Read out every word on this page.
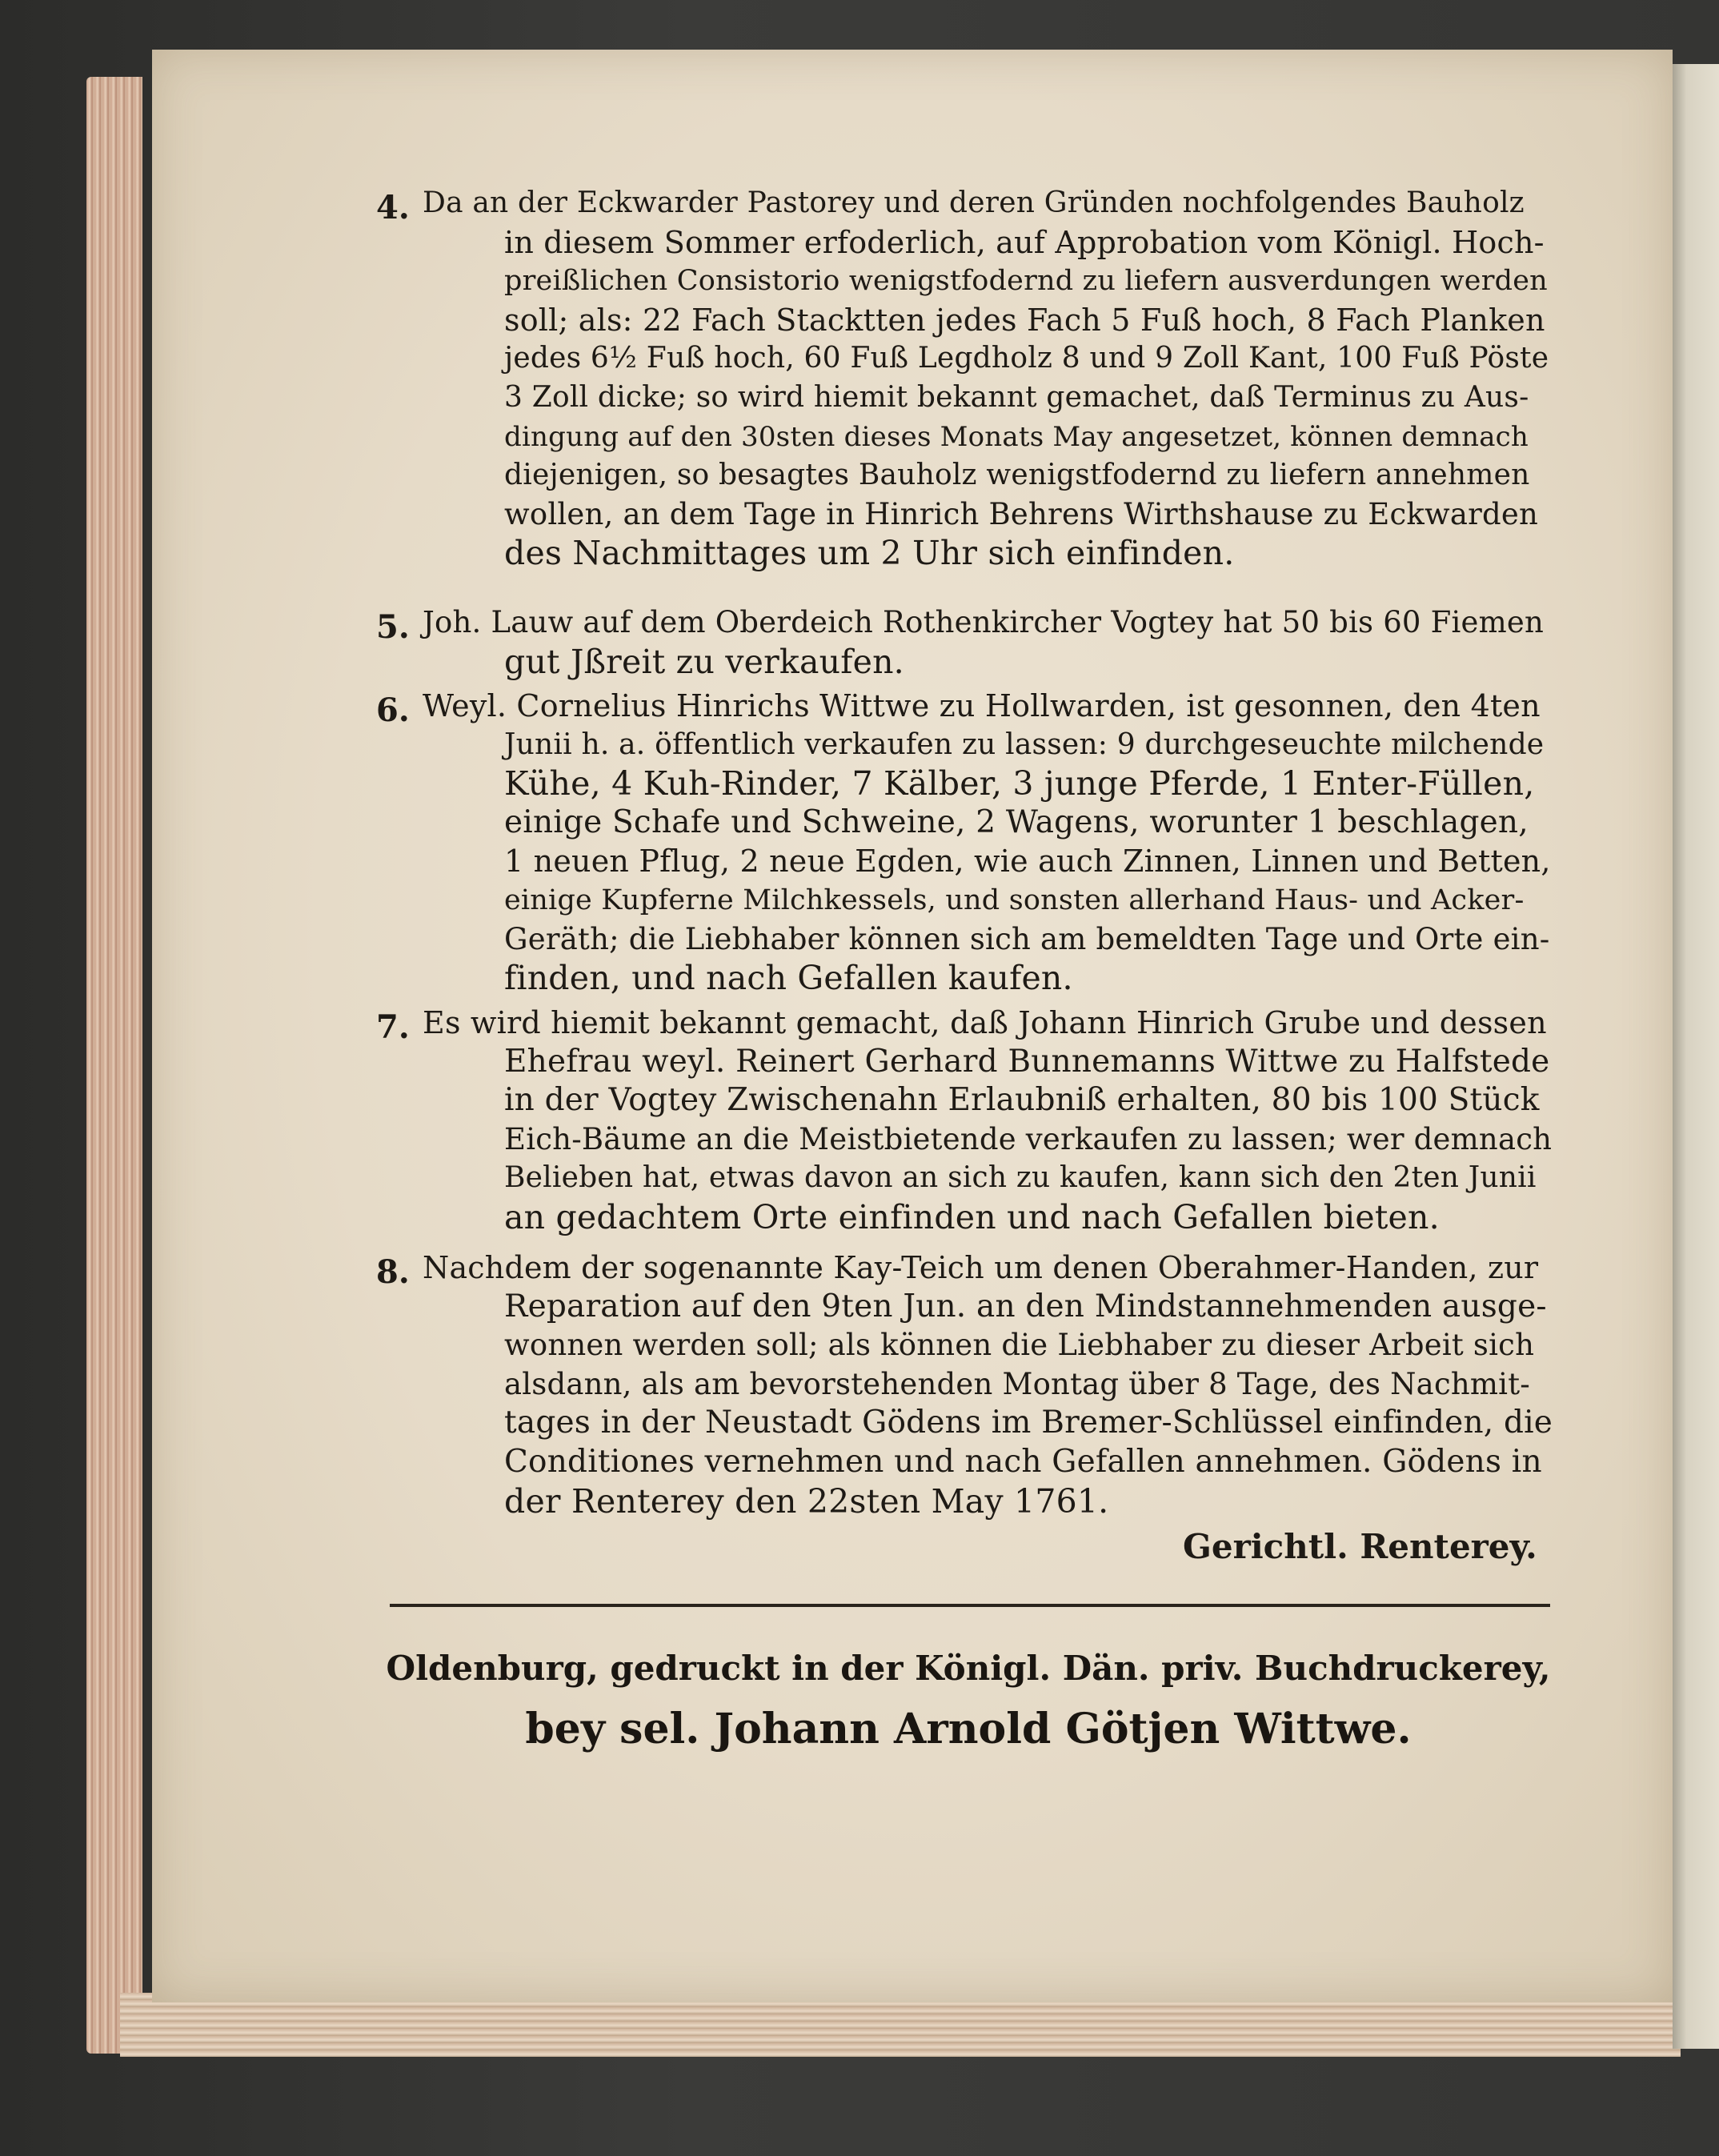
4. Da an der Eckwarder Pastorey und deren Gründen nochfolgendes Bauholz
in diesem Sommer erfoderlich, auf Approbation vom Königl. Hoch-
preißlichen Consistorio wenigstfodernd zu liefern ausverdungen werden
soll; als: 22 Fach Stacktten jedes Fach 5 Fuß hoch, 8 Fach Planken
jedes 6½ Fuß hoch, 60 Fuß Legdholz 8 und 9 Zoll Kant, 100 Fuß Pöste
3 Zoll dicke; so wird hiemit bekannt gemachet, daß Terminus zu Aus-
dingung auf den 30sten dieses Monats May angesetzet, können demnach
diejenigen, so besagtes Bauholz wenigstfodernd zu liefern annehmen
wollen, an dem Tage in Hinrich Behrens Wirthshause zu Eckwarden
des Nachmittages um 2 Uhr sich einfinden.
5. Joh. Lauw auf dem Oberdeich Rothenkircher Vogtey hat 50 bis 60 Fiemen
gut Jßreit zu verkaufen.
6. Weyl. Cornelius Hinrichs Wittwe zu Hollwarden, ist gesonnen, den 4ten
Junii h. a. öffentlich verkaufen zu lassen: 9 durchgeseuchte milchende
Kühe, 4 Kuh-Rinder, 7 Kälber, 3 junge Pferde, 1 Enter-Füllen,
einige Schafe und Schweine, 2 Wagens, worunter 1 beschlagen,
1 neuen Pflug, 2 neue Egden, wie auch Zinnen, Linnen und Betten,
einige Kupferne Milchkessels, und sonsten allerhand Haus- und Acker-
Geräth; die Liebhaber können sich am bemeldten Tage und Orte ein-
finden, und nach Gefallen kaufen.
7. Es wird hiemit bekannt gemacht, daß Johann Hinrich Grube und dessen
Ehefrau weyl. Reinert Gerhard Bunnemanns Wittwe zu Halfstede
in der Vogtey Zwischenahn Erlaubniß erhalten, 80 bis 100 Stück
Eich-Bäume an die Meistbietende verkaufen zu lassen; wer demnach
Belieben hat, etwas davon an sich zu kaufen, kann sich den 2ten Junii
an gedachtem Orte einfinden und nach Gefallen bieten.
8. Nachdem der sogenannte Kay-Teich um denen Oberahmer-Handen, zur
Reparation auf den 9ten Jun. an den Mindstannehmenden ausge-
wonnen werden soll; als können die Liebhaber zu dieser Arbeit sich
alsdann, als am bevorstehenden Montag über 8 Tage, des Nachmit-
tages in der Neustadt Gödens im Bremer-Schlüssel einfinden, die
Conditiones vernehmen und nach Gefallen annehmen. Gödens in
der Renterey den 22sten May 1761.
Gerichtl. Renterey.
Oldenburg, gedruckt in der Königl. Dän. priv. Buchdruckerey,
bey sel. Johann Arnold Götjen Wittwe.
